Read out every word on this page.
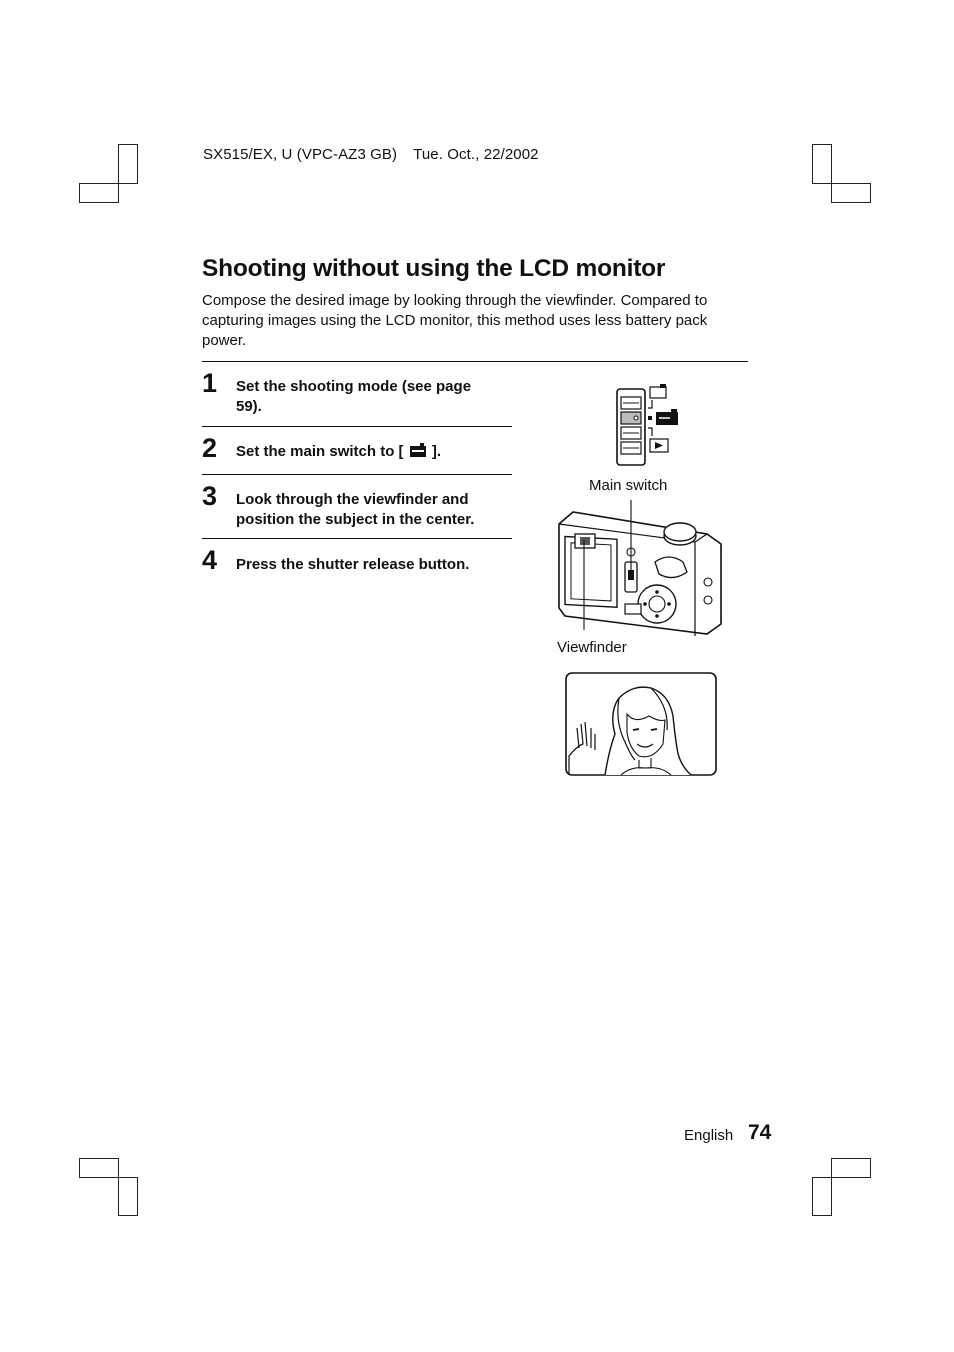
SX515/EX, U (VPC-AZ3 GB) Tue. Oct., 22/2002
Shooting without using the LCD monitor
Compose the desired image by looking through the viewfinder. Compared to capturing images using the LCD monitor, this method uses less battery pack power.
1 Set the shooting mode (see page
59).
2 Set the main switch to [ ].
3 Look through the viewfinder and
position the subject in the center.
4 Press the shutter release button.
Main switch
Viewfinder
English 74
